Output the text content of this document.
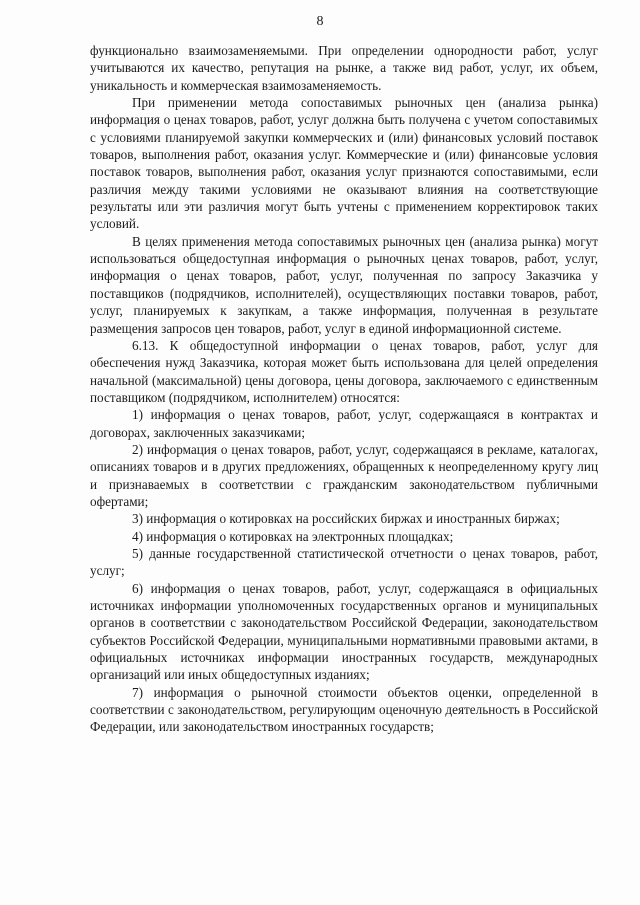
8

функционально взаимозаменяемыми. При определении однородности работ, услуг учитываются их качество, репутация на рынке, а также вид работ, услуг, их объем, уникальность и коммерческая взаимозаменяемость.

При применении метода сопоставимых рыночных цен (анализа рынка) информация о ценах товаров, работ, услуг должна быть получена с учетом сопоставимых с условиями планируемой закупки коммерческих и (или) финансовых условий поставок товаров, выполнения работ, оказания услуг. Коммерческие и (или) финансовые условия поставок товаров, выполнения работ, оказания услуг признаются сопоставимыми, если различия между такими условиями не оказывают влияния на соответствующие результаты или эти различия могут быть учтены с применением корректировок таких условий.

В целях применения метода сопоставимых рыночных цен (анализа рынка) могут использоваться общедоступная информация о рыночных ценах товаров, работ, услуг, информация о ценах товаров, работ, услуг, полученная по запросу Заказчика у поставщиков (подрядчиков, исполнителей), осуществляющих поставки товаров, работ, услуг, планируемых к закупкам, а также информация, полученная в результате размещения запросов цен товаров, работ, услуг в единой информационной системе.

6.13. К общедоступной информации о ценах товаров, работ, услуг для обеспечения нужд Заказчика, которая может быть использована для целей определения начальной (максимальной) цены договора, цены договора, заключаемого с единственным поставщиком (подрядчиком, исполнителем) относятся:

1) информация о ценах товаров, работ, услуг, содержащаяся в контрактах и договорах, заключенных заказчиками;

2) информация о ценах товаров, работ, услуг, содержащаяся в рекламе, каталогах, описаниях товаров и в других предложениях, обращенных к неопределенному кругу лиц и признаваемых в соответствии с гражданским законодательством публичными офертами;

3) информация о котировках на российских биржах и иностранных биржах;

4) информация о котировках на электронных площадках;

5) данные государственной статистической отчетности о ценах товаров, работ, услуг;

6) информация о ценах товаров, работ, услуг, содержащаяся в официальных источниках информации уполномоченных государственных органов и муниципальных органов в соответствии с законодательством Российской Федерации, законодательством субъектов Российской Федерации, муниципальными нормативными правовыми актами, в официальных источниках информации иностранных государств, международных организаций или иных общедоступных изданиях;

7) информация о рыночной стоимости объектов оценки, определенной в соответствии с законодательством, регулирующим оценочную деятельность в Российской Федерации, или законодательством иностранных государств;
